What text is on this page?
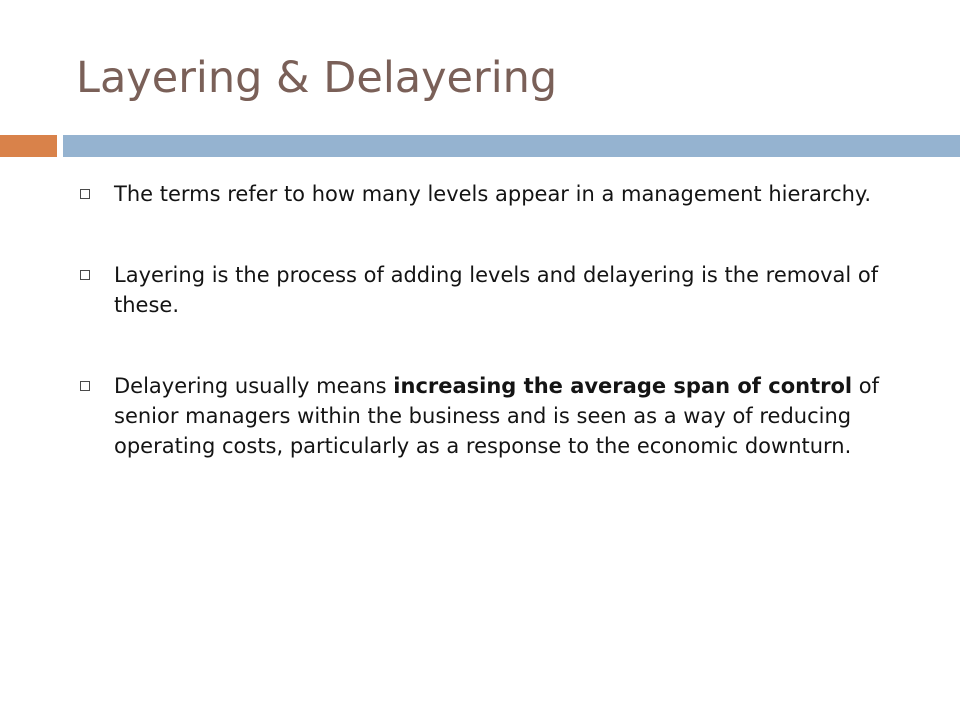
Layering & Delayering
The terms refer to how many levels appear in a management hierarchy.
Layering is the process of adding levels and delayering is the removal of these.
Delayering usually means increasing the average span of control of senior managers within the business and is seen as a way of reducing operating costs, particularly as a response to the economic downturn.
